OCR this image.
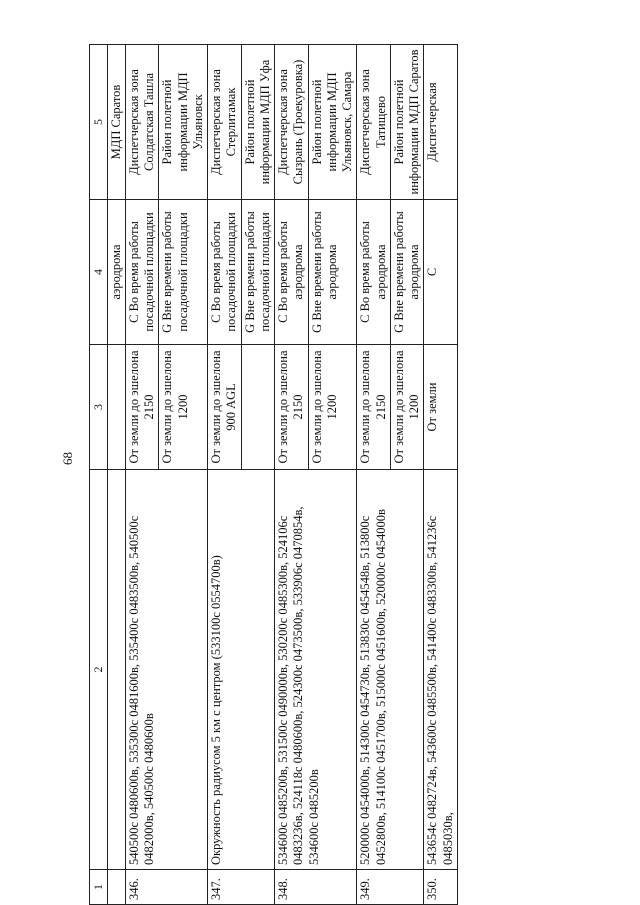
68
1	2	3	4	5
			аэродрома	МДП Саратов
346.	540500с 0480600в, 535300с 0481600в, 535400с 0483500в, 540500с 0482000в, 540500с 0480600в	От земли до эшелона 2150	C Во время работы посадочной площадки	Диспетчерская зона Солдатская Ташла
		От земли до эшелона 1200	G Вне времени работы посадочной площадки	Район полетной информации МДП Ульяновск
347.	Окружность радиусом 5 км с центром (533100с 0554700в)	От земли до эшелона 900 AGL	C Во время работы посадочной площадки	Диспетчерская зона Стерлитамак
			G Вне времени работы посадочной площадки	Район полетной информации МДП Уфа
348.	534600с 0485200в, 531500с 0490000в, 530200с 0485300в, 524106с 0483236в, 524118с 0480600в, 524300с 0473500в, 533906с 0470854в, 534600с 0485200в	От земли до эшелона 2150	C Во время работы аэродрома	Диспетчерская зона Сызрань (Троекуровка)
		От земли до эшелона 1200	G Вне времени работы аэродрома	Район полетной информации МДП Ульяновск, Самара
349.	520000с 0454000в, 514300с 0454730в, 513830с 0454548в, 513800с 0452800в, 514100с 0451700в, 515000с 0451600в, 520000с 0454000в	От земли до эшелона 2150	C Во время работы аэродрома	Диспетчерская зона Татищево
		От земли до эшелона 1200	G Вне времени работы аэродрома	Район полетной информации МДП Саратов
350.	543654с 0482724в, 543600с 0485500в, 541400с 0483300в, 541236с 0485030в,	От земли	C	Диспетчерская
